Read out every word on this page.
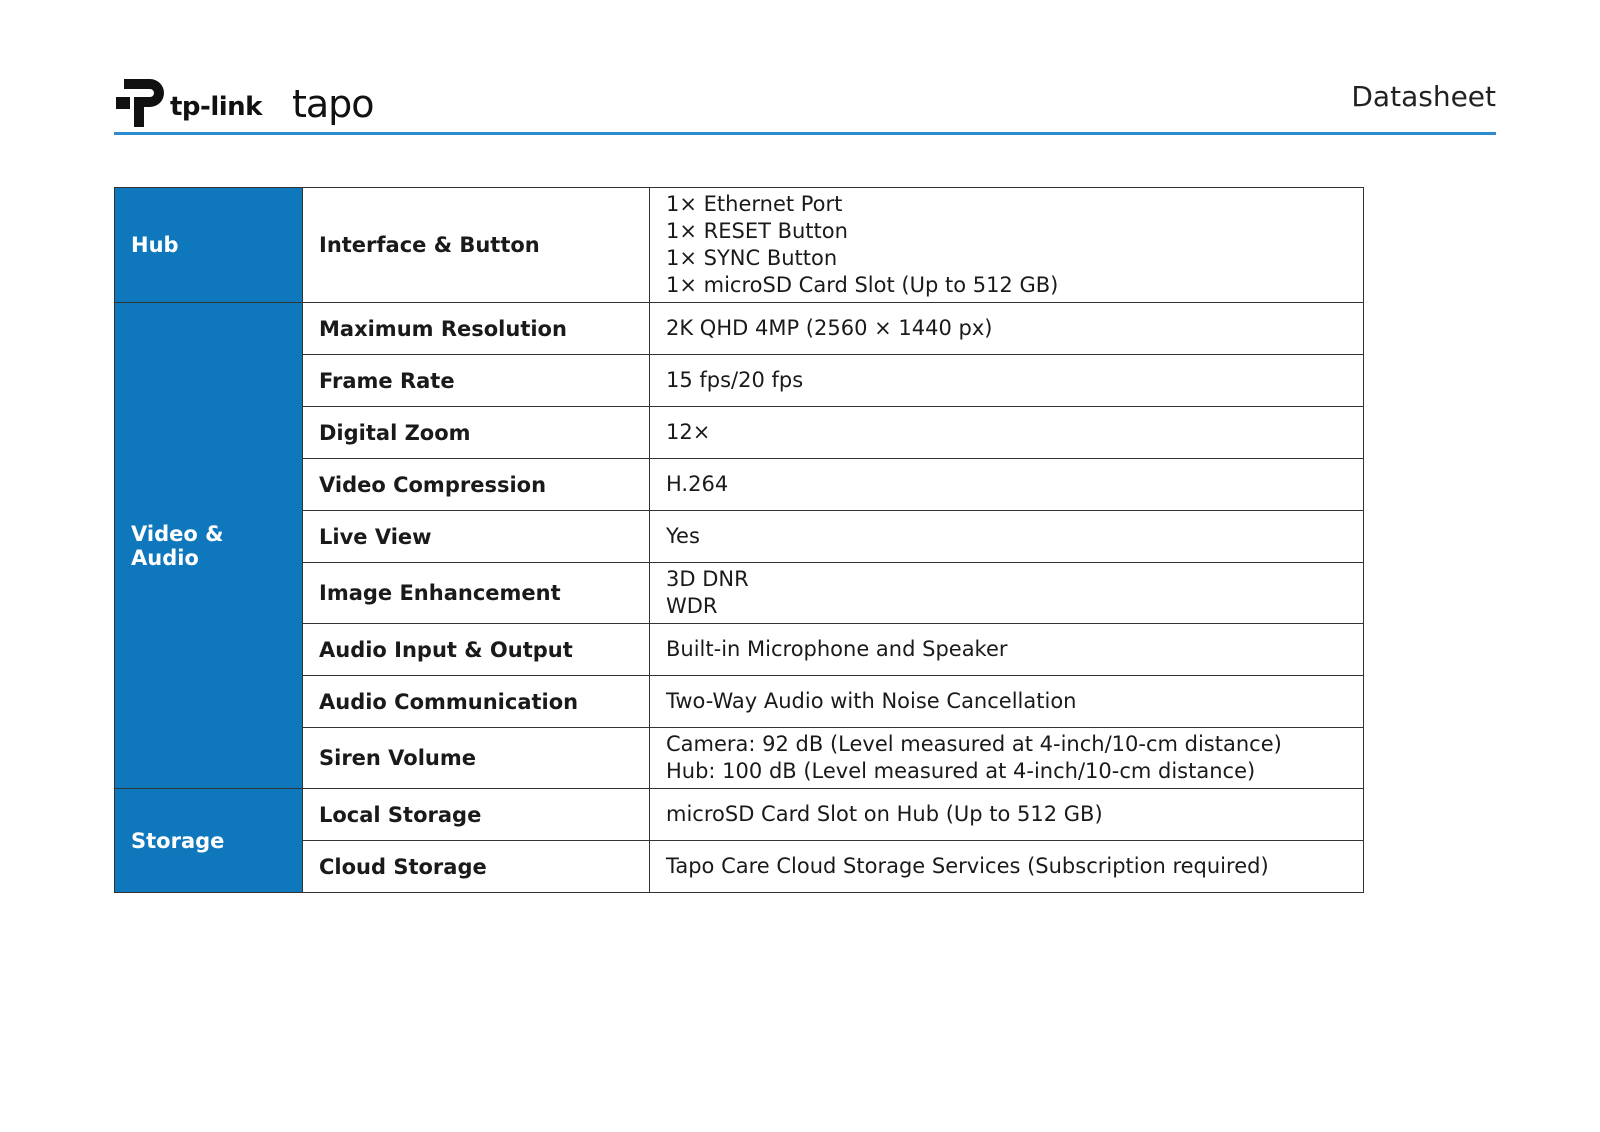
tp-link tapo	Datasheet
Hub	Interface & Button	1× Ethernet Port
1× RESET Button
1× SYNC Button
1× microSD Card Slot (Up to 512 GB)

Video & Audio	Maximum Resolution	2K QHD 4MP (2560 × 1440 px)
	Frame Rate	15 fps/20 fps
	Digital Zoom	12×
	Video Compression	H.264
	Live View	Yes
	Image Enhancement	3D DNR
WDR

	Audio Input & Output	Built-in Microphone and Speaker
	Audio Communication	Two-Way Audio with Noise Cancellation
	Siren Volume	Camera: 92 dB (Level measured at 4-inch/10-cm distance)
Hub: 100 dB (Level measured at 4-inch/10-cm distance)

Storage	Local Storage	microSD Card Slot on Hub (Up to 512 GB)
	Cloud Storage	Tapo Care Cloud Storage Services (Subscription required)
